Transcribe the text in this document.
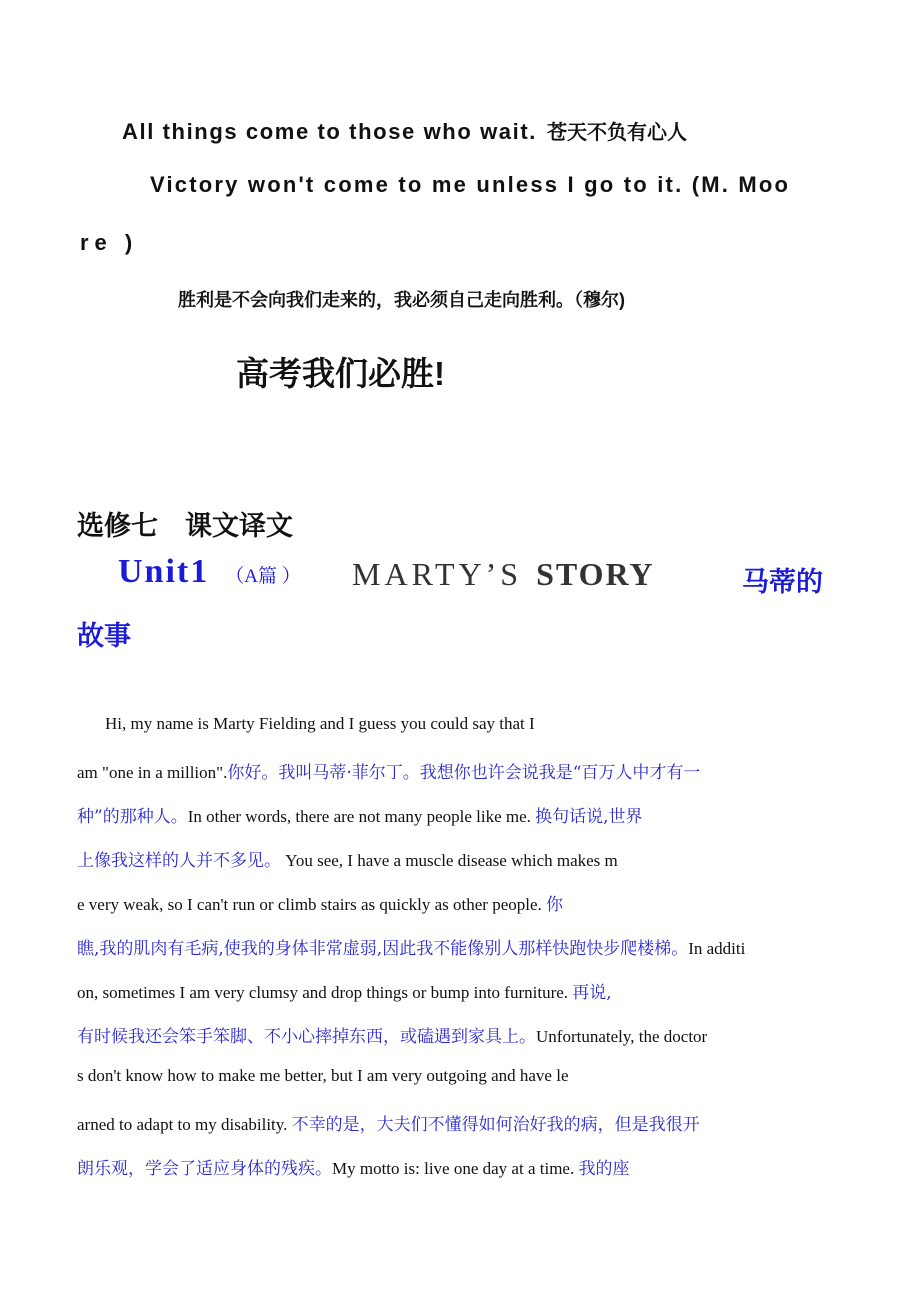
All things come to those who wait. 苍天不负有心人
Victory won't come to me unless I go to it. (M. Moo
re )
胜利是不会向我们走来的，我必须自己走向胜利。（穆尔)
高考我们必胜!
选修七　课文译文
Unit1 （A篇 ） MARTY’S STORY	马蒂的
故事
Hi, my name is Marty Fielding and I guess you could say that I
am "one in a million".你好。我叫马蒂·菲尔丁。我想你也许会说我是“百万人中才有一
种”的那种人。In other words, there are not many people like me. 换句话说,世界
上像我这样的人并不多见。 You see, I have a muscle disease which makes m
e very weak, so I can't run or climb stairs as quickly as other people. 你
瞧,我的肌肉有毛病,使我的身体非常虚弱,因此我不能像别人那样快跑快步爬楼梯。In additi
on, sometimes I am very clumsy and drop things or bump into furniture. 再说,
有时候我还会笨手笨脚、不小心摔掉东西，或磕遇到家具上。Unfortunately, the doctor
s don't know how to make me better, but I am very outgoing and have le
arned to adapt to my disability. 不幸的是，大夫们不懂得如何治好我的病，但是我很开
朗乐观，学会了适应身体的残疾。My motto is: live one day at a time. 我的座
